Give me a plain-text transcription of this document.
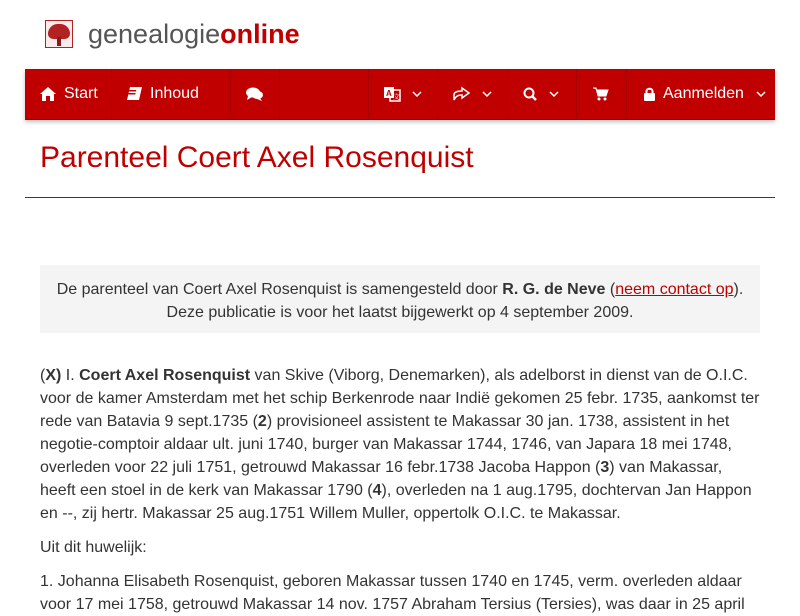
genealogieonline
Start	Inhoud	A 文	Aanmelden
Parenteel Coert Axel Rosenquist
De parenteel van Coert Axel Rosenquist is samengesteld door R. G. de Neve (neem contact op). Deze publicatie is voor het laatst bijgewerkt op 4 september 2009.

(X) I. Coert Axel Rosenquist van Skive (Viborg, Denemarken), als adelborst in dienst van de O.I.C. voor de kamer Amsterdam met het schip Berkenrode naar Indië gekomen 25 febr. 1735, aankomst ter rede van Batavia 9 sept.1735 (2) provisioneel assistent te Makassar 30 jan. 1738, assistent in het negotie-comptoir aldaar ult. juni 1740, burger van Makassar 1744, 1746, van Japara 18 mei 1748, overleden voor 22 juli 1751, getrouwd Makassar 16 febr.1738 Jacoba Happon (3) van Makassar, heeft een stoel in de kerk van Makassar 1790 (4), overleden na 1 aug.1795, dochtervan Jan Happon en --, zij hertr. Makassar 25 aug.1751 Willem Muller, oppertolk O.I.C. te Makassar.

Uit dit huwelijk:

1. Johanna Elisabeth Rosenquist, geboren Makassar tussen 1740 en 1745, verm. overleden aldaar voor 17 mei 1758, getrouwd Makassar 14 nov. 1757 Abraham Tersius (Tersies), was daar in 25 april
